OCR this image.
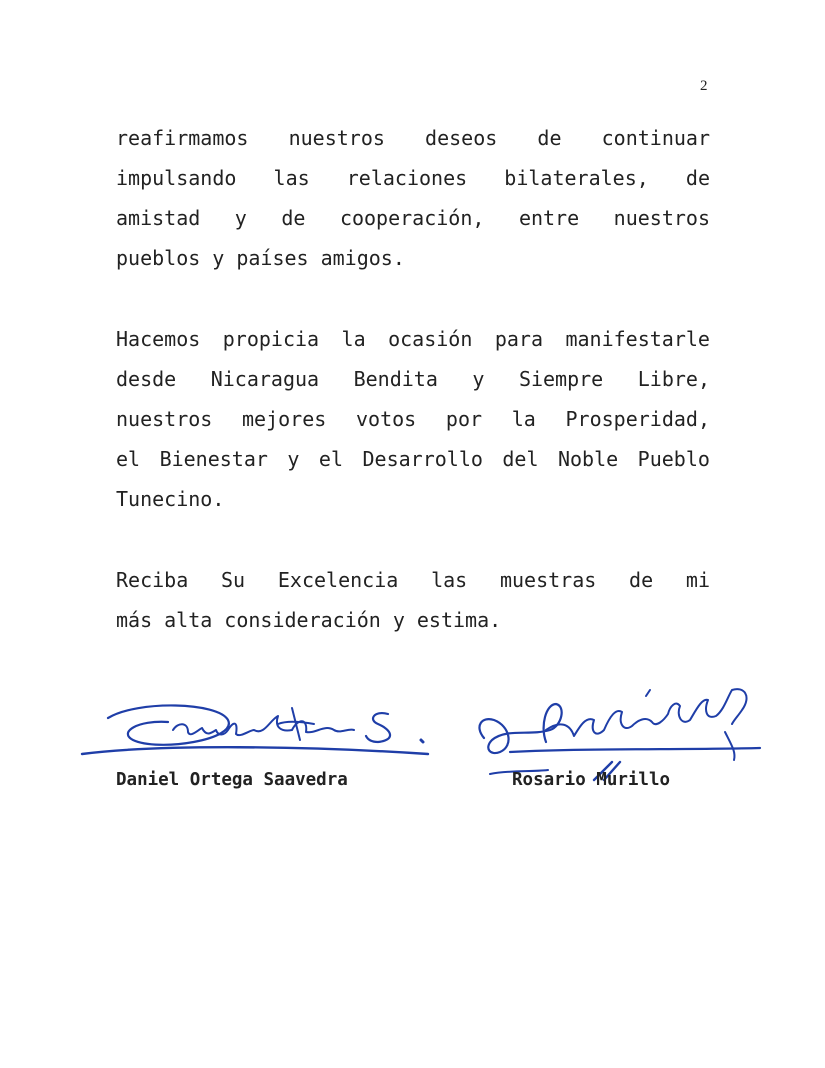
2
reafirmamos nuestros deseos de continuar
impulsando las relaciones bilaterales, de
amistad y de cooperación, entre nuestros
pueblos y países amigos.
Hacemos propicia la ocasión para manifestarle
desde Nicaragua Bendita y Siempre Libre,
nuestros mejores votos por la Prosperidad,
el Bienestar y el Desarrollo del Noble Pueblo
Tunecino.
Reciba Su Excelencia las muestras de mi
más alta consideración y estima.
Daniel Ortega Saavedra	Rosario Murillo
